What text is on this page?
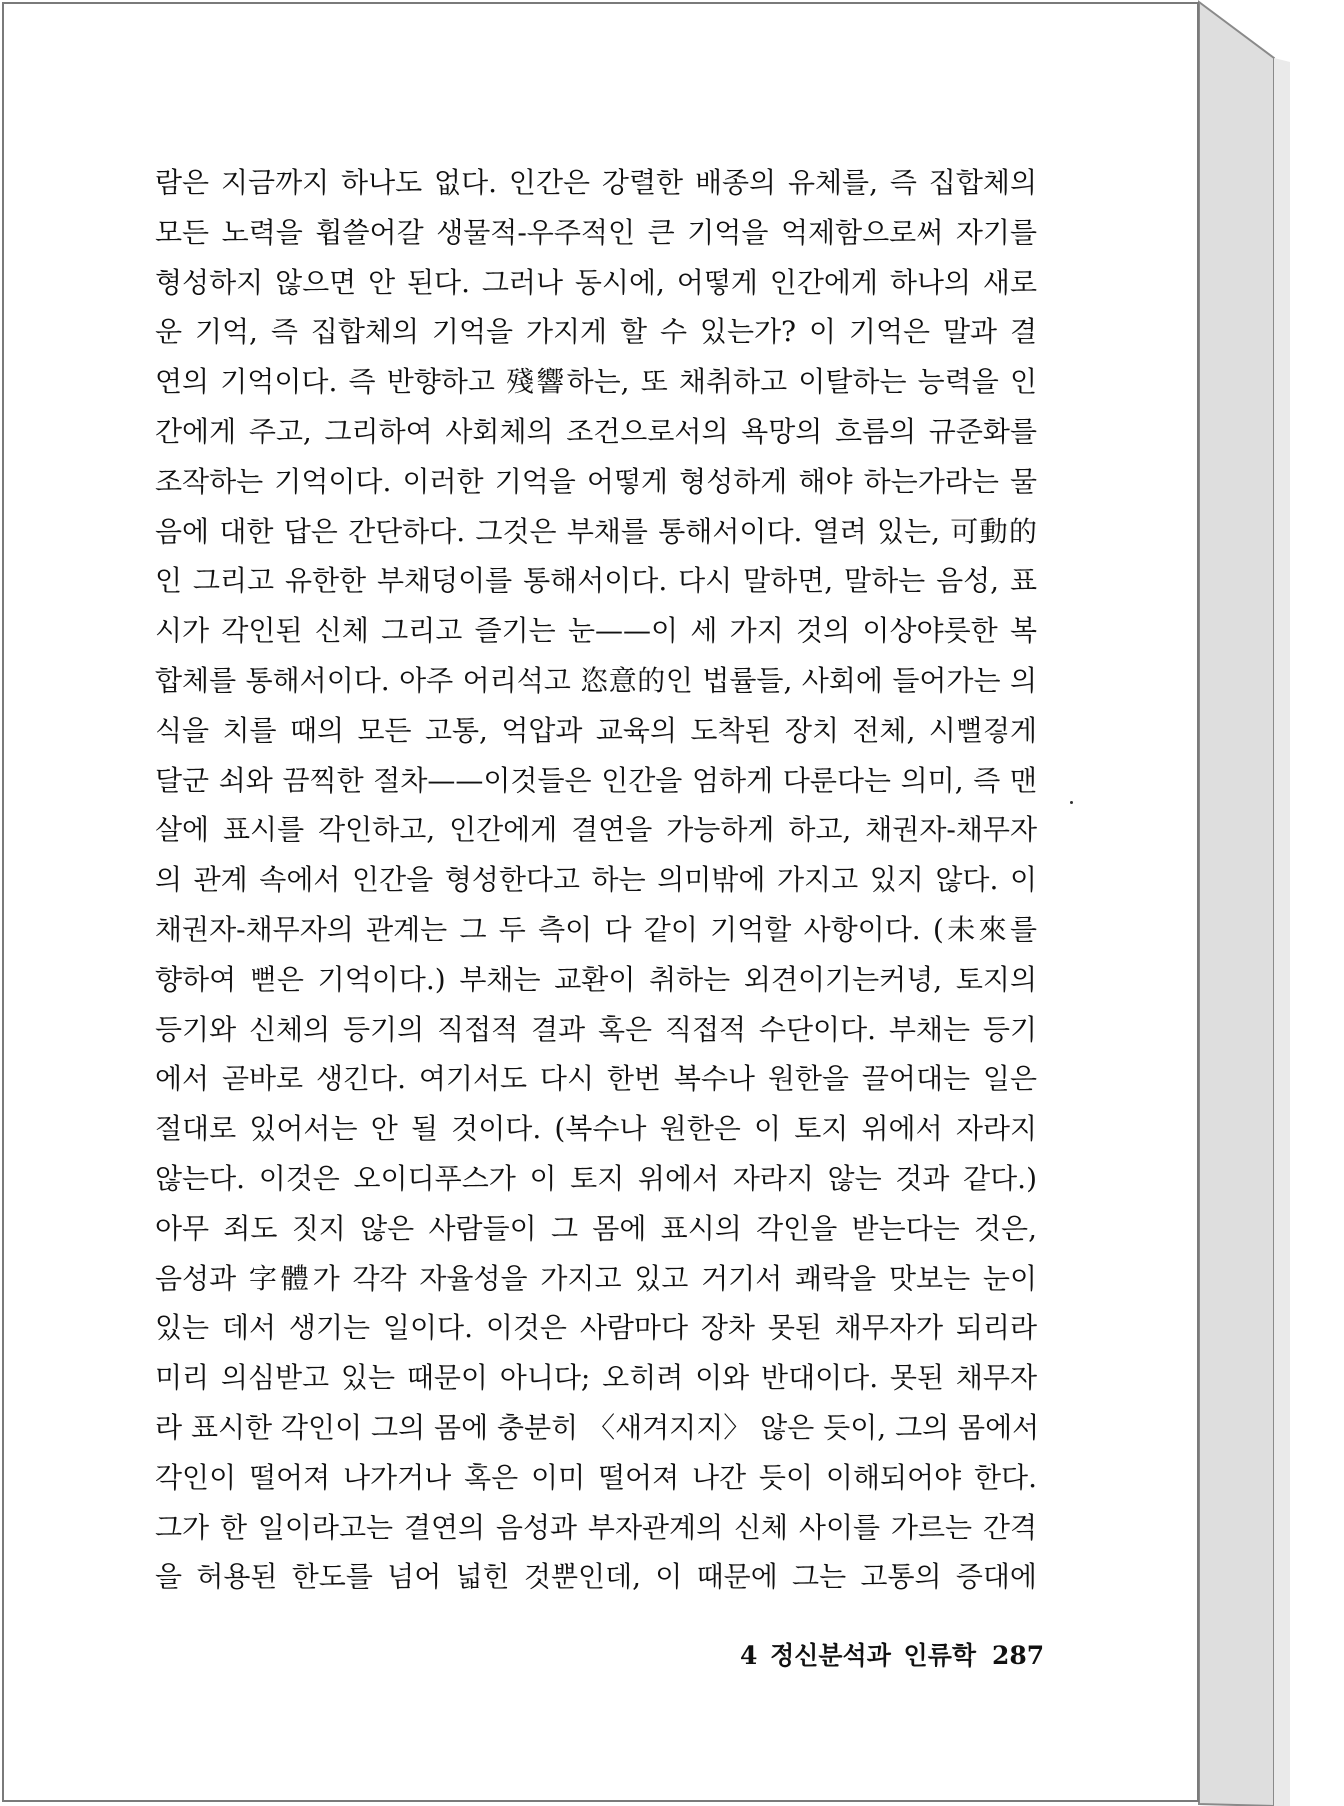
람은 지금까지 하나도 없다. 인간은 강렬한 배종의 유체를, 즉 집합체의
모든 노력을 휩쓸어갈 생물적-우주적인 큰 기억을 억제함으로써 자기를
형성하지 않으면 안 된다. 그러나 동시에, 어떻게 인간에게 하나의 새로
운 기억, 즉 집합체의 기억을 가지게 할 수 있는가? 이 기억은 말과 결
연의 기억이다. 즉 반향하고 殘響하는, 또 채취하고 이탈하는 능력을 인
간에게 주고, 그리하여 사회체의 조건으로서의 욕망의 흐름의 규준화를
조작하는 기억이다. 이러한 기억을 어떻게 형성하게 해야 하는가라는 물
음에 대한 답은 간단하다. 그것은 부채를 통해서이다. 열려 있는, 可動的
인 그리고 유한한 부채덩이를 통해서이다. 다시 말하면, 말하는 음성, 표
시가 각인된 신체 그리고 즐기는 눈——이 세 가지 것의 이상야릇한 복
합체를 통해서이다. 아주 어리석고 恣意的인 법률들, 사회에 들어가는 의
식을 치를 때의 모든 고통, 억압과 교육의 도착된 장치 전체, 시뻘겋게
달군 쇠와 끔찍한 절차——이것들은 인간을 엄하게 다룬다는 의미, 즉 맨
살에 표시를 각인하고, 인간에게 결연을 가능하게 하고, 채권자-채무자
의 관계 속에서 인간을 형성한다고 하는 의미밖에 가지고 있지 않다. 이
채권자-채무자의 관계는 그 두 측이 다 같이 기억할 사항이다. (未來를
향하여 뻗은 기억이다.) 부채는 교환이 취하는 외견이기는커녕, 토지의
등기와 신체의 등기의 직접적 결과 혹은 직접적 수단이다. 부채는 등기
에서 곧바로 생긴다. 여기서도 다시 한번 복수나 원한을 끌어대는 일은
절대로 있어서는 안 될 것이다. (복수나 원한은 이 토지 위에서 자라지
않는다. 이것은 오이디푸스가 이 토지 위에서 자라지 않는 것과 같다.)
아무 죄도 짓지 않은 사람들이 그 몸에 표시의 각인을 받는다는 것은,
음성과 字體가 각각 자율성을 가지고 있고 거기서 쾌락을 맛보는 눈이
있는 데서 생기는 일이다. 이것은 사람마다 장차 못된 채무자가 되리라
미리 의심받고 있는 때문이 아니다; 오히려 이와 반대이다. 못된 채무자
라 표시한 각인이 그의 몸에 충분히 〈새겨지지〉 않은 듯이, 그의 몸에서
각인이 떨어져 나가거나 혹은 이미 떨어져 나간 듯이 이해되어야 한다.
그가 한 일이라고는 결연의 음성과 부자관계의 신체 사이를 가르는 간격
을 허용된 한도를 넘어 넓힌 것뿐인데, 이 때문에 그는 고통의 증대에
4 정신분석과 인류학 287
